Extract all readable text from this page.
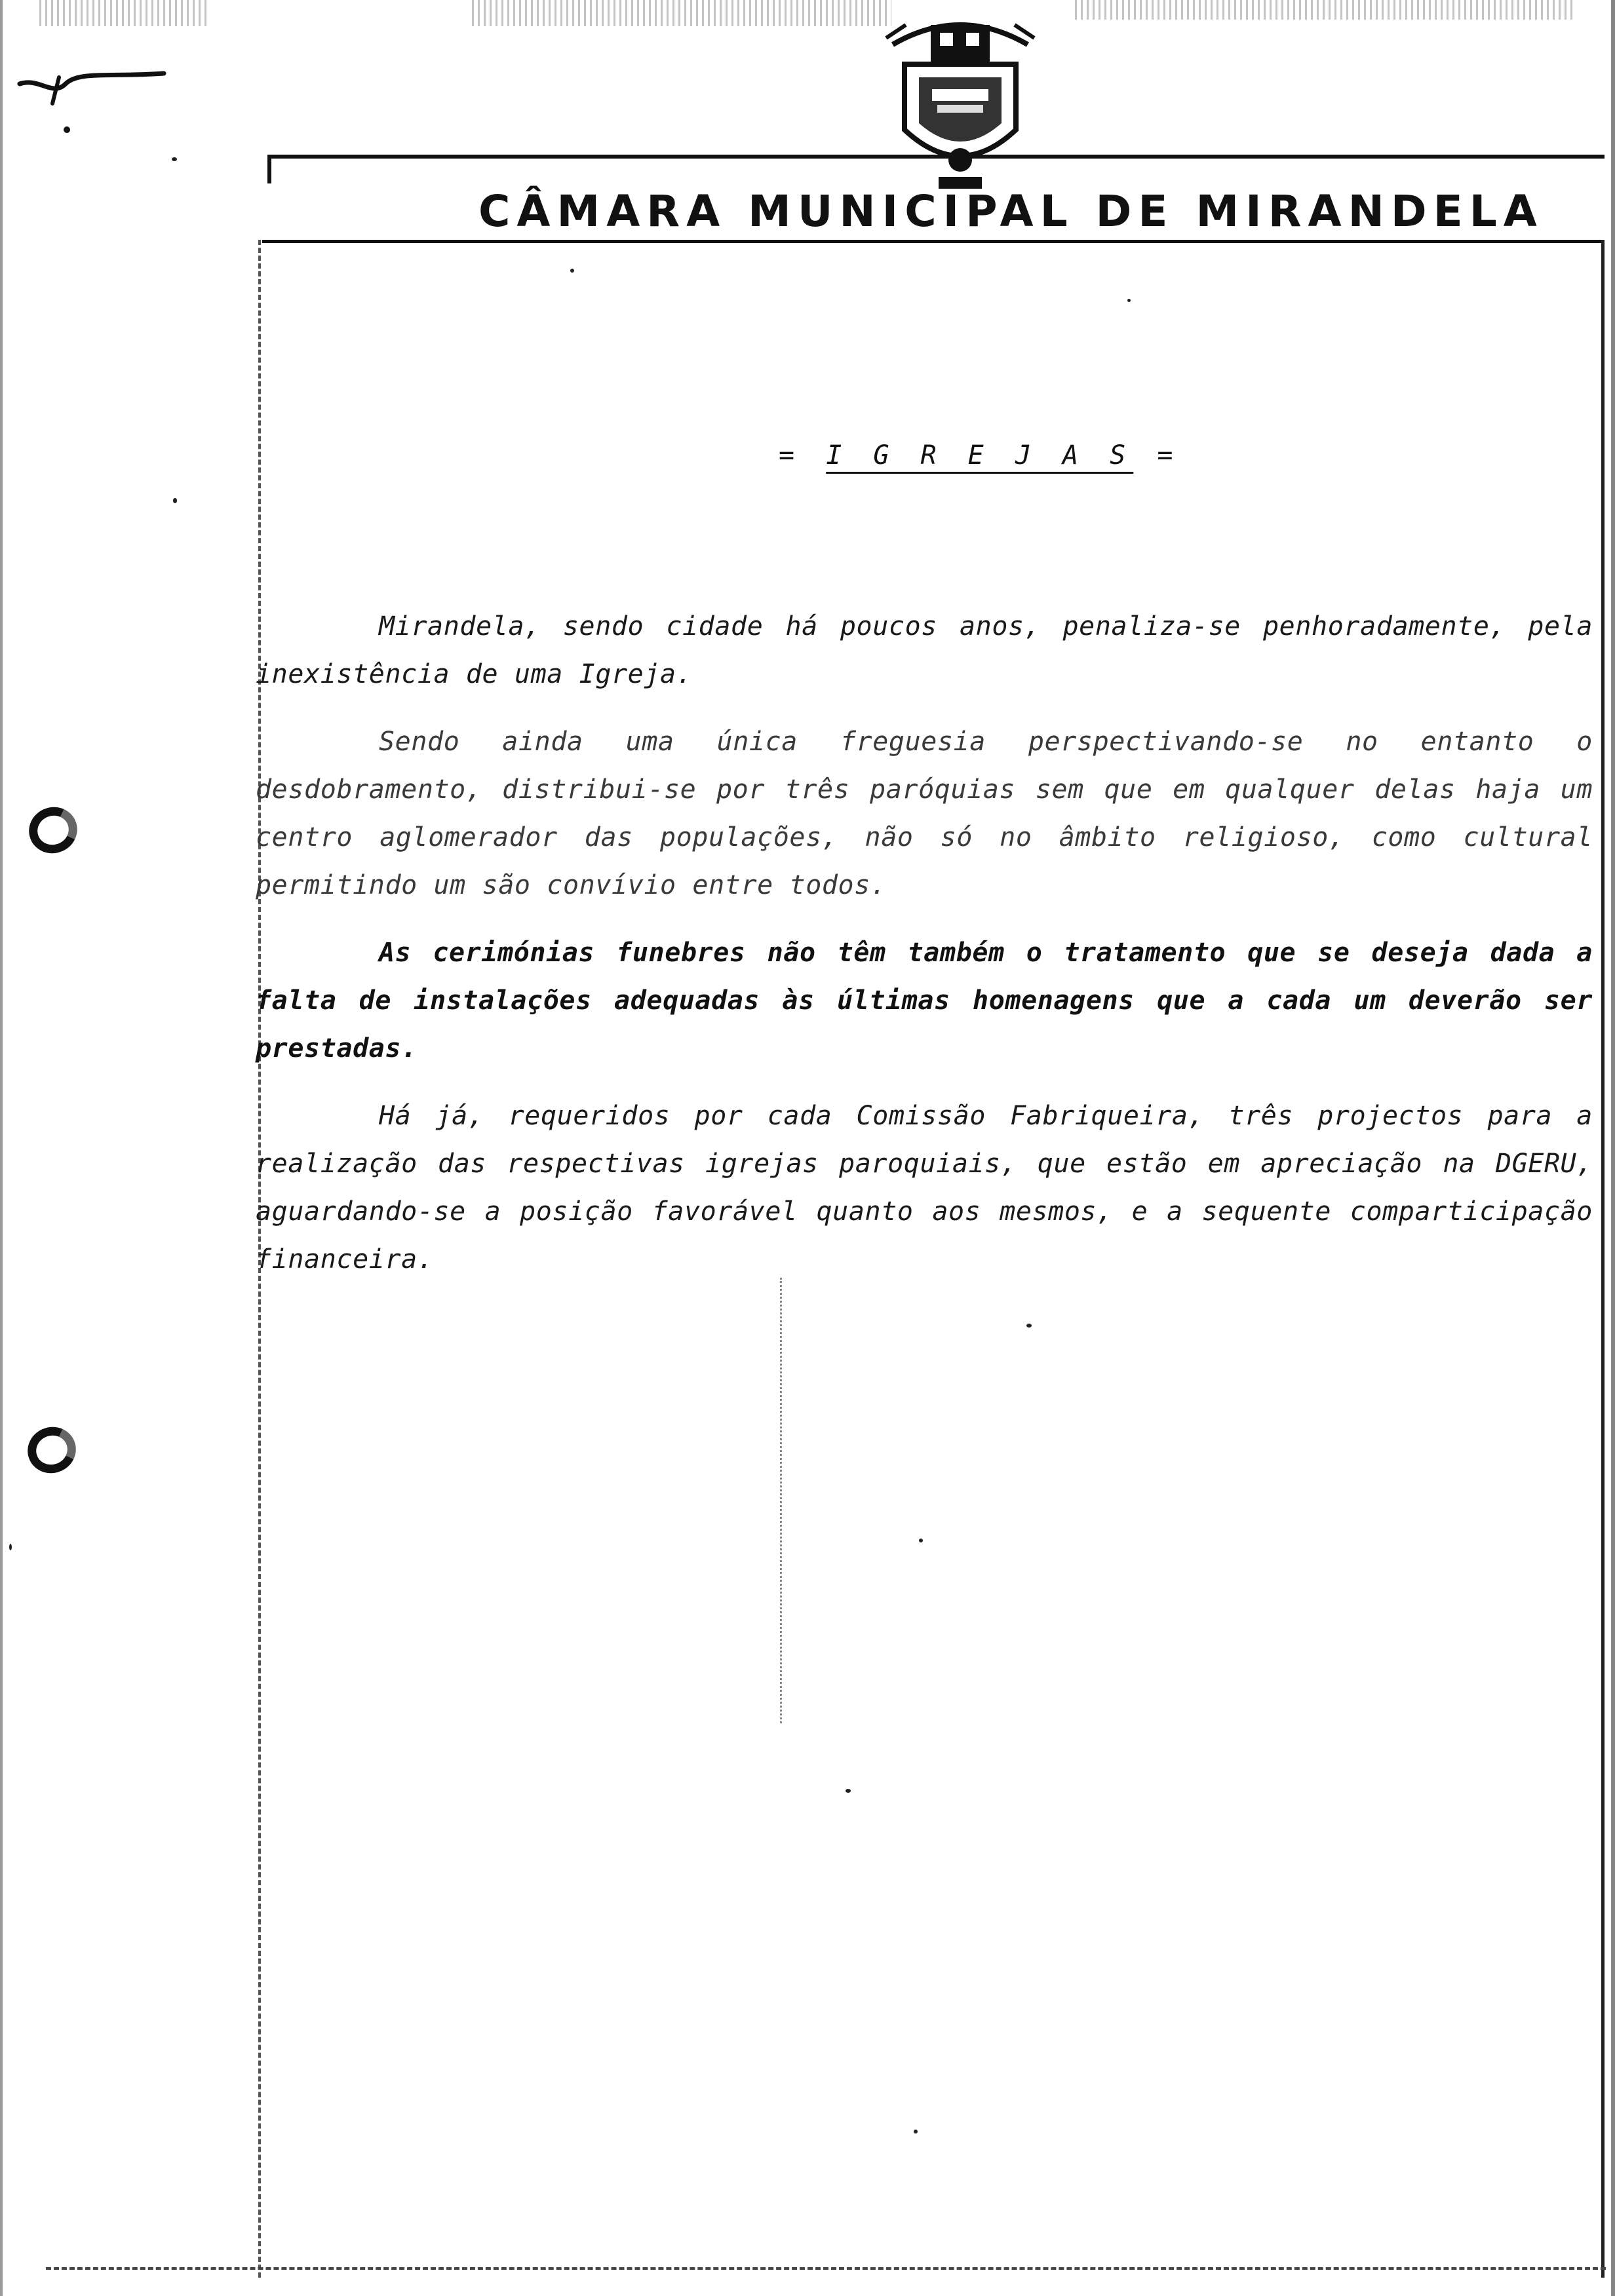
CÂMARA MUNICIPAL DE MIRANDELA
= I G R E J A S =

Mirandela, sendo cidade há poucos anos, penaliza-se penhoradamente, pela inexistência de uma Igreja.

Sendo ainda uma única freguesia perspectivando-se no entanto o desdobramento, distribui-se por três paróquias sem que em qualquer delas haja um centro aglomerador das populações, não só no âmbito religioso, como cultural permitindo um são convívio entre todos.

As cerimónias funebres não têm também o tratamento que se deseja dada a falta de instalações adequadas às últimas homenagens que a cada um deverão ser prestadas.

Há já, requeridos por cada Comissão Fabriqueira, três projectos para a realização das respectivas igrejas paroquiais, que estão em apreciação na DGERU, aguardando-se a posição favorável quanto aos mesmos, e a sequente comparticipação financeira.
